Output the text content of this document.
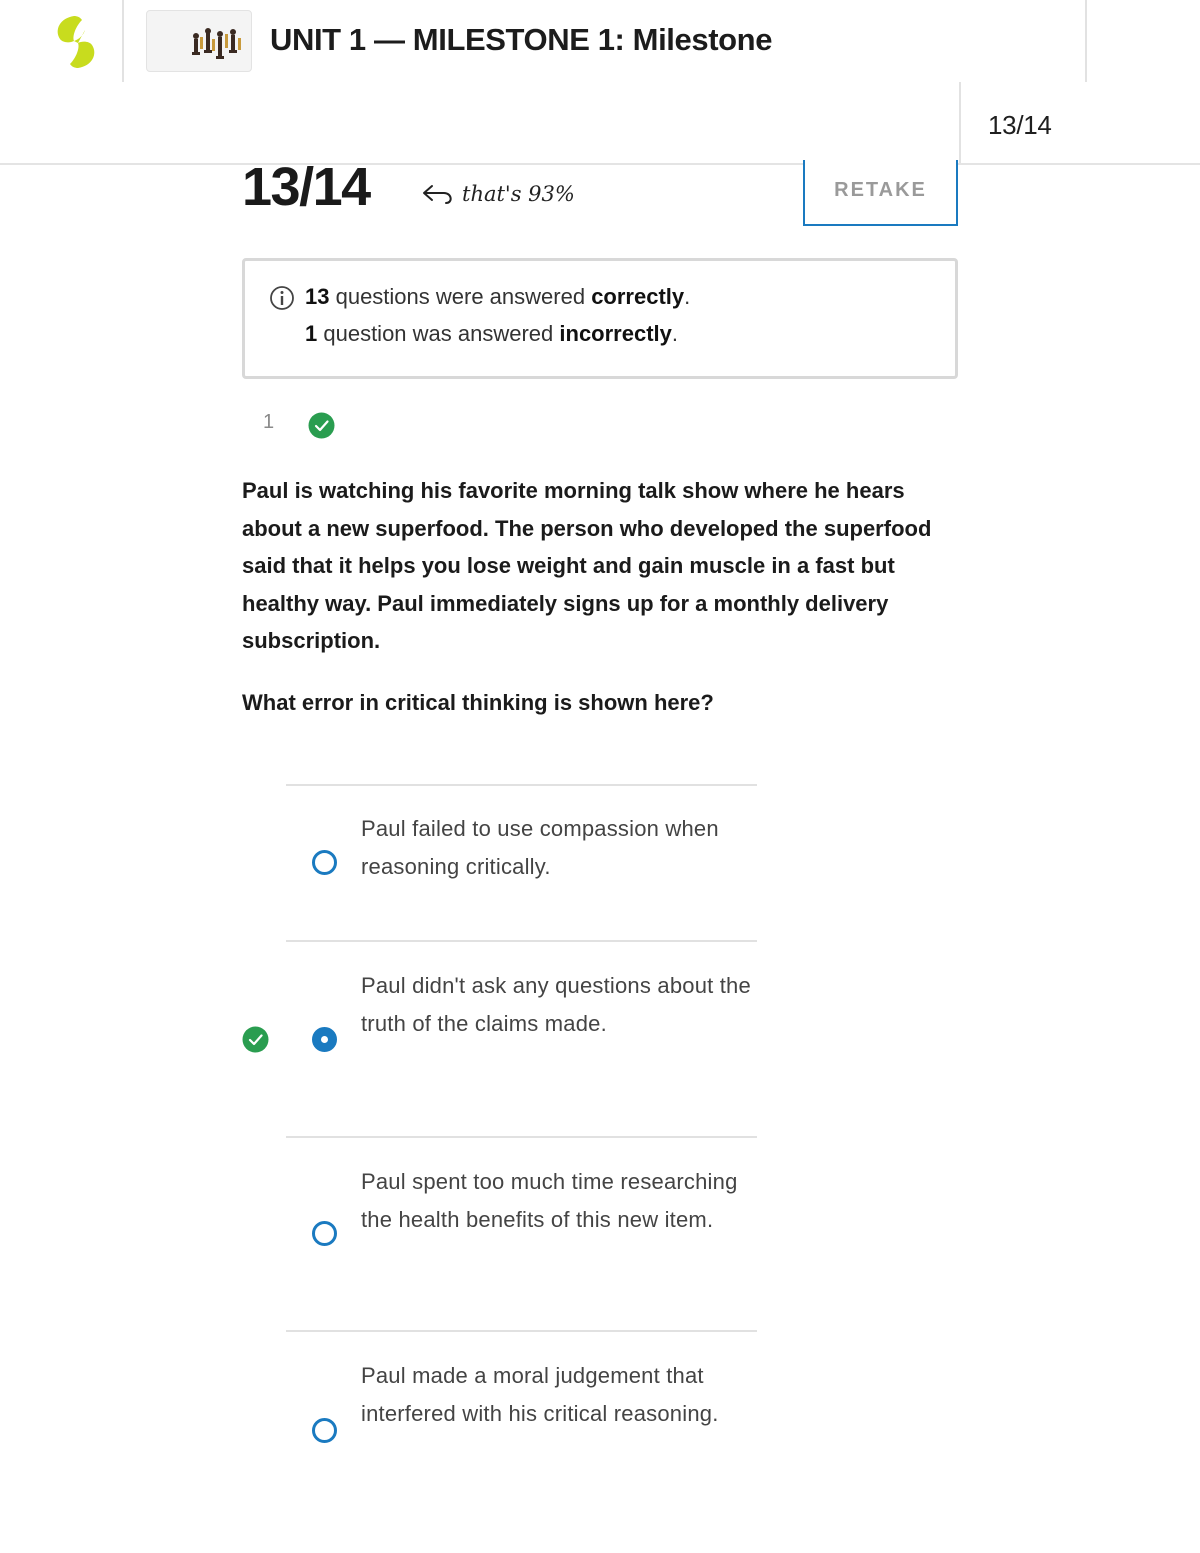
UNIT 1 — MILESTONE 1: Milestone
13/14
13/14	that's 93%	RETAKE
13 questions were answered correctly.
1 question was answered incorrectly.
1
Paul is watching his favorite morning talk show where he hears about a new superfood. The person who developed the superfood said that it helps you lose weight and gain muscle in a fast but healthy way. Paul immediately signs up for a monthly delivery subscription.
What error in critical thinking is shown here?
Paul failed to use compassion when reasoning critically.
Paul didn't ask any questions about the truth of the claims made.
Paul spent too much time researching the health benefits of this new item.
Paul made a moral judgement that interfered with his critical reasoning.
